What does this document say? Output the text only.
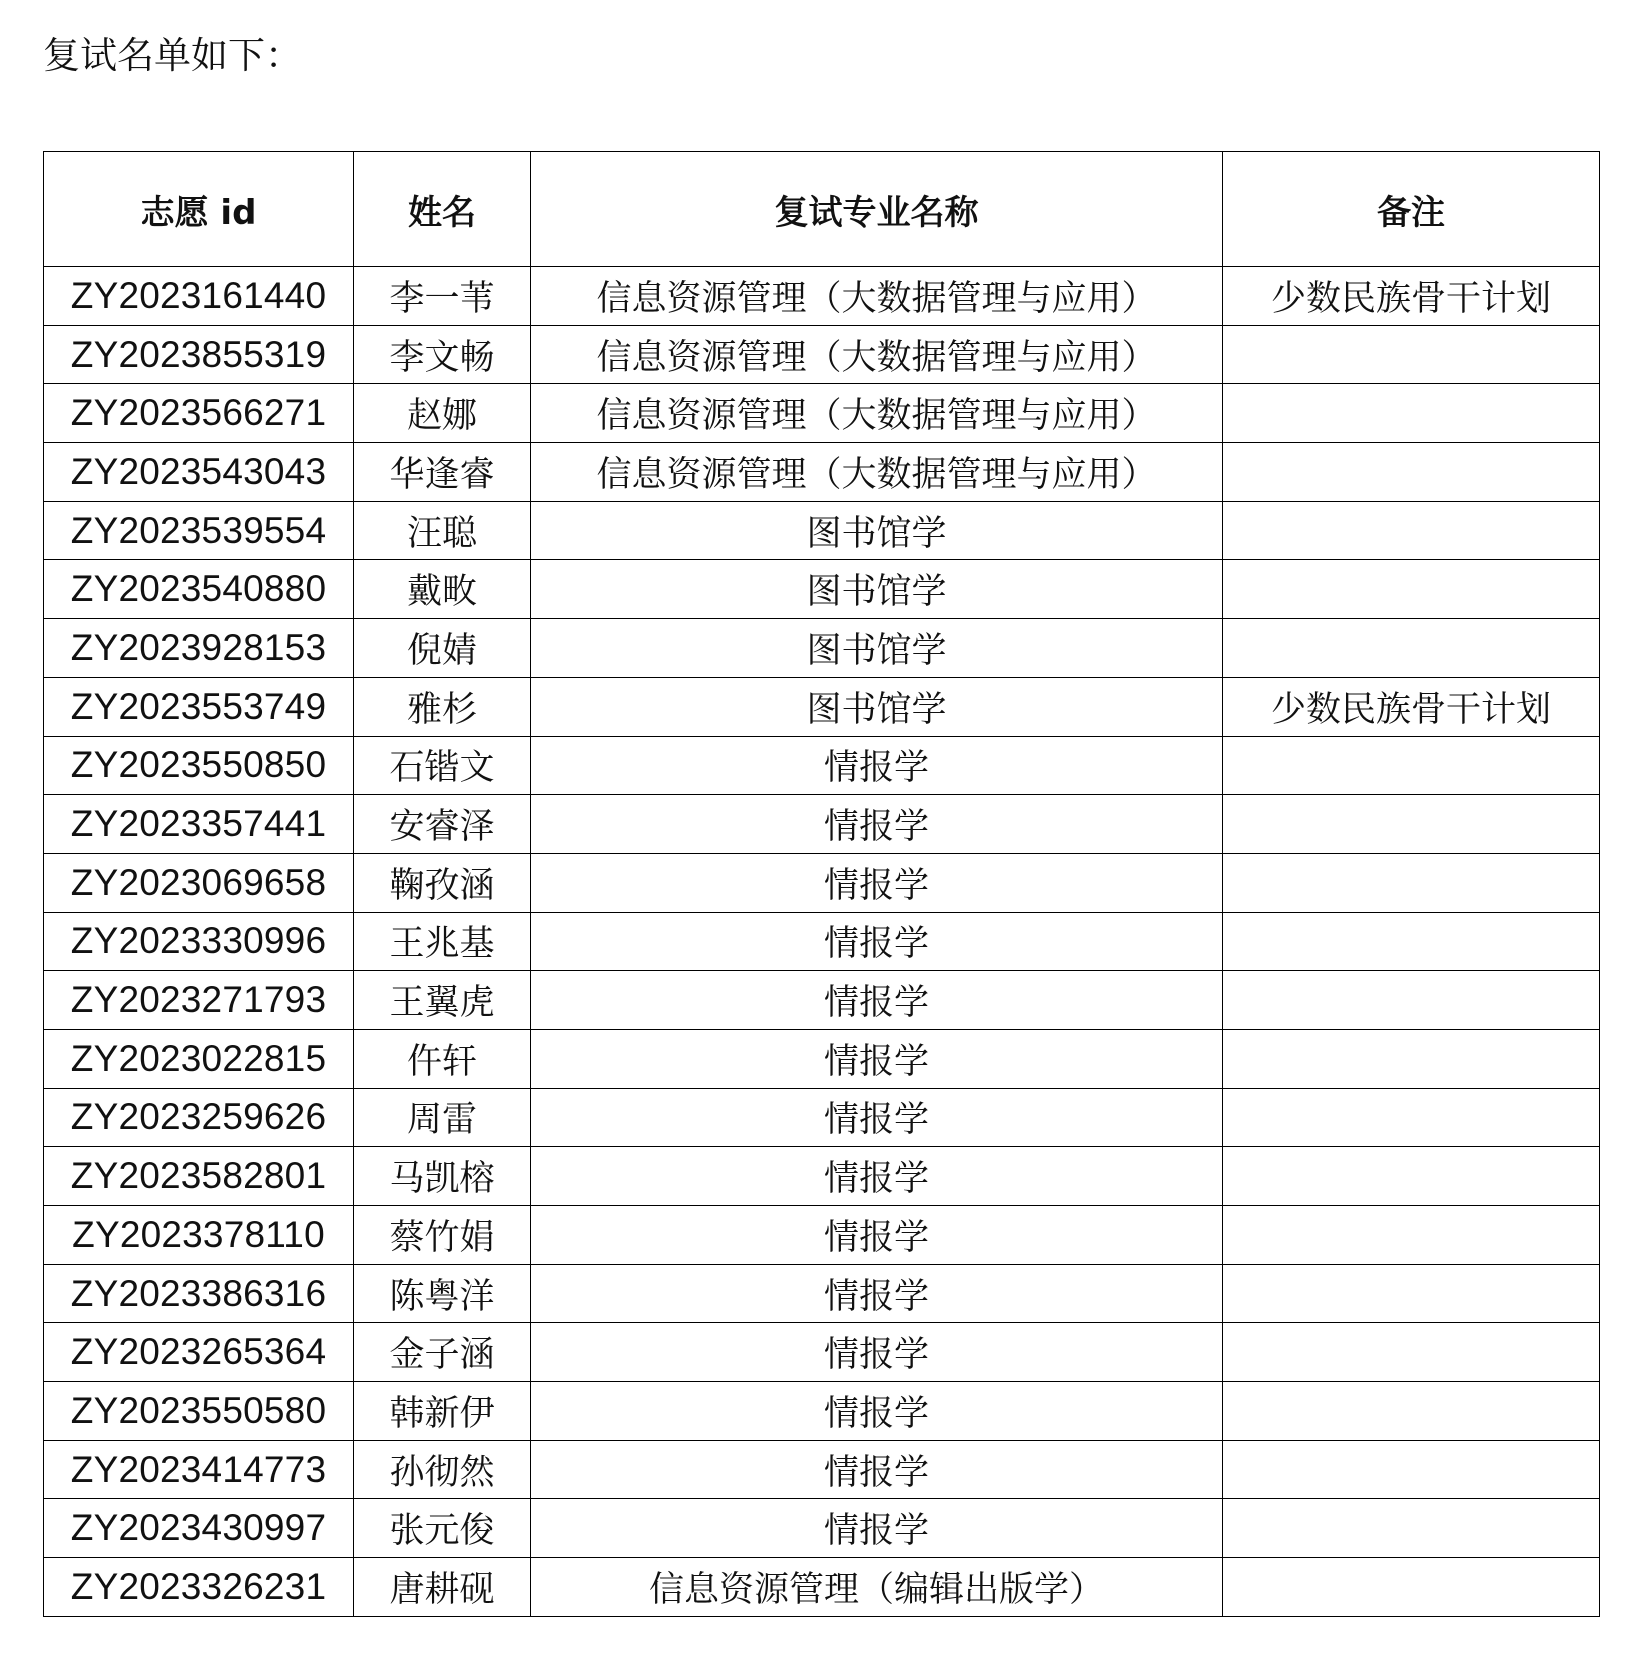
复试名单如下：
志愿 id	姓名	复试专业名称	备注
ZY2023161440	李一苇	信息资源管理（大数据管理与应用）	少数民族骨干计划
ZY2023855319	李文畅	信息资源管理（大数据管理与应用）	
ZY2023566271	赵娜	信息资源管理（大数据管理与应用）	
ZY2023543043	华逢睿	信息资源管理（大数据管理与应用）	
ZY2023539554	汪聪	图书馆学	
ZY2023540880	戴畋	图书馆学	
ZY2023928153	倪婧	图书馆学	
ZY2023553749	雅杉	图书馆学	少数民族骨干计划
ZY2023550850	石锴文	情报学	
ZY2023357441	安睿泽	情报学	
ZY2023069658	鞠孜涵	情报学	
ZY2023330996	王兆基	情报学	
ZY2023271793	王翼虎	情报学	
ZY2023022815	仵轩	情报学	
ZY2023259626	周雷	情报学	
ZY2023582801	马凯榕	情报学	
ZY2023378110	蔡竹娟	情报学	
ZY2023386316	陈粤洋	情报学	
ZY2023265364	金子涵	情报学	
ZY2023550580	韩新伊	情报学	
ZY2023414773	孙彻然	情报学	
ZY2023430997	张元俊	情报学	
ZY2023326231	唐耕砚	信息资源管理（编辑出版学）	
